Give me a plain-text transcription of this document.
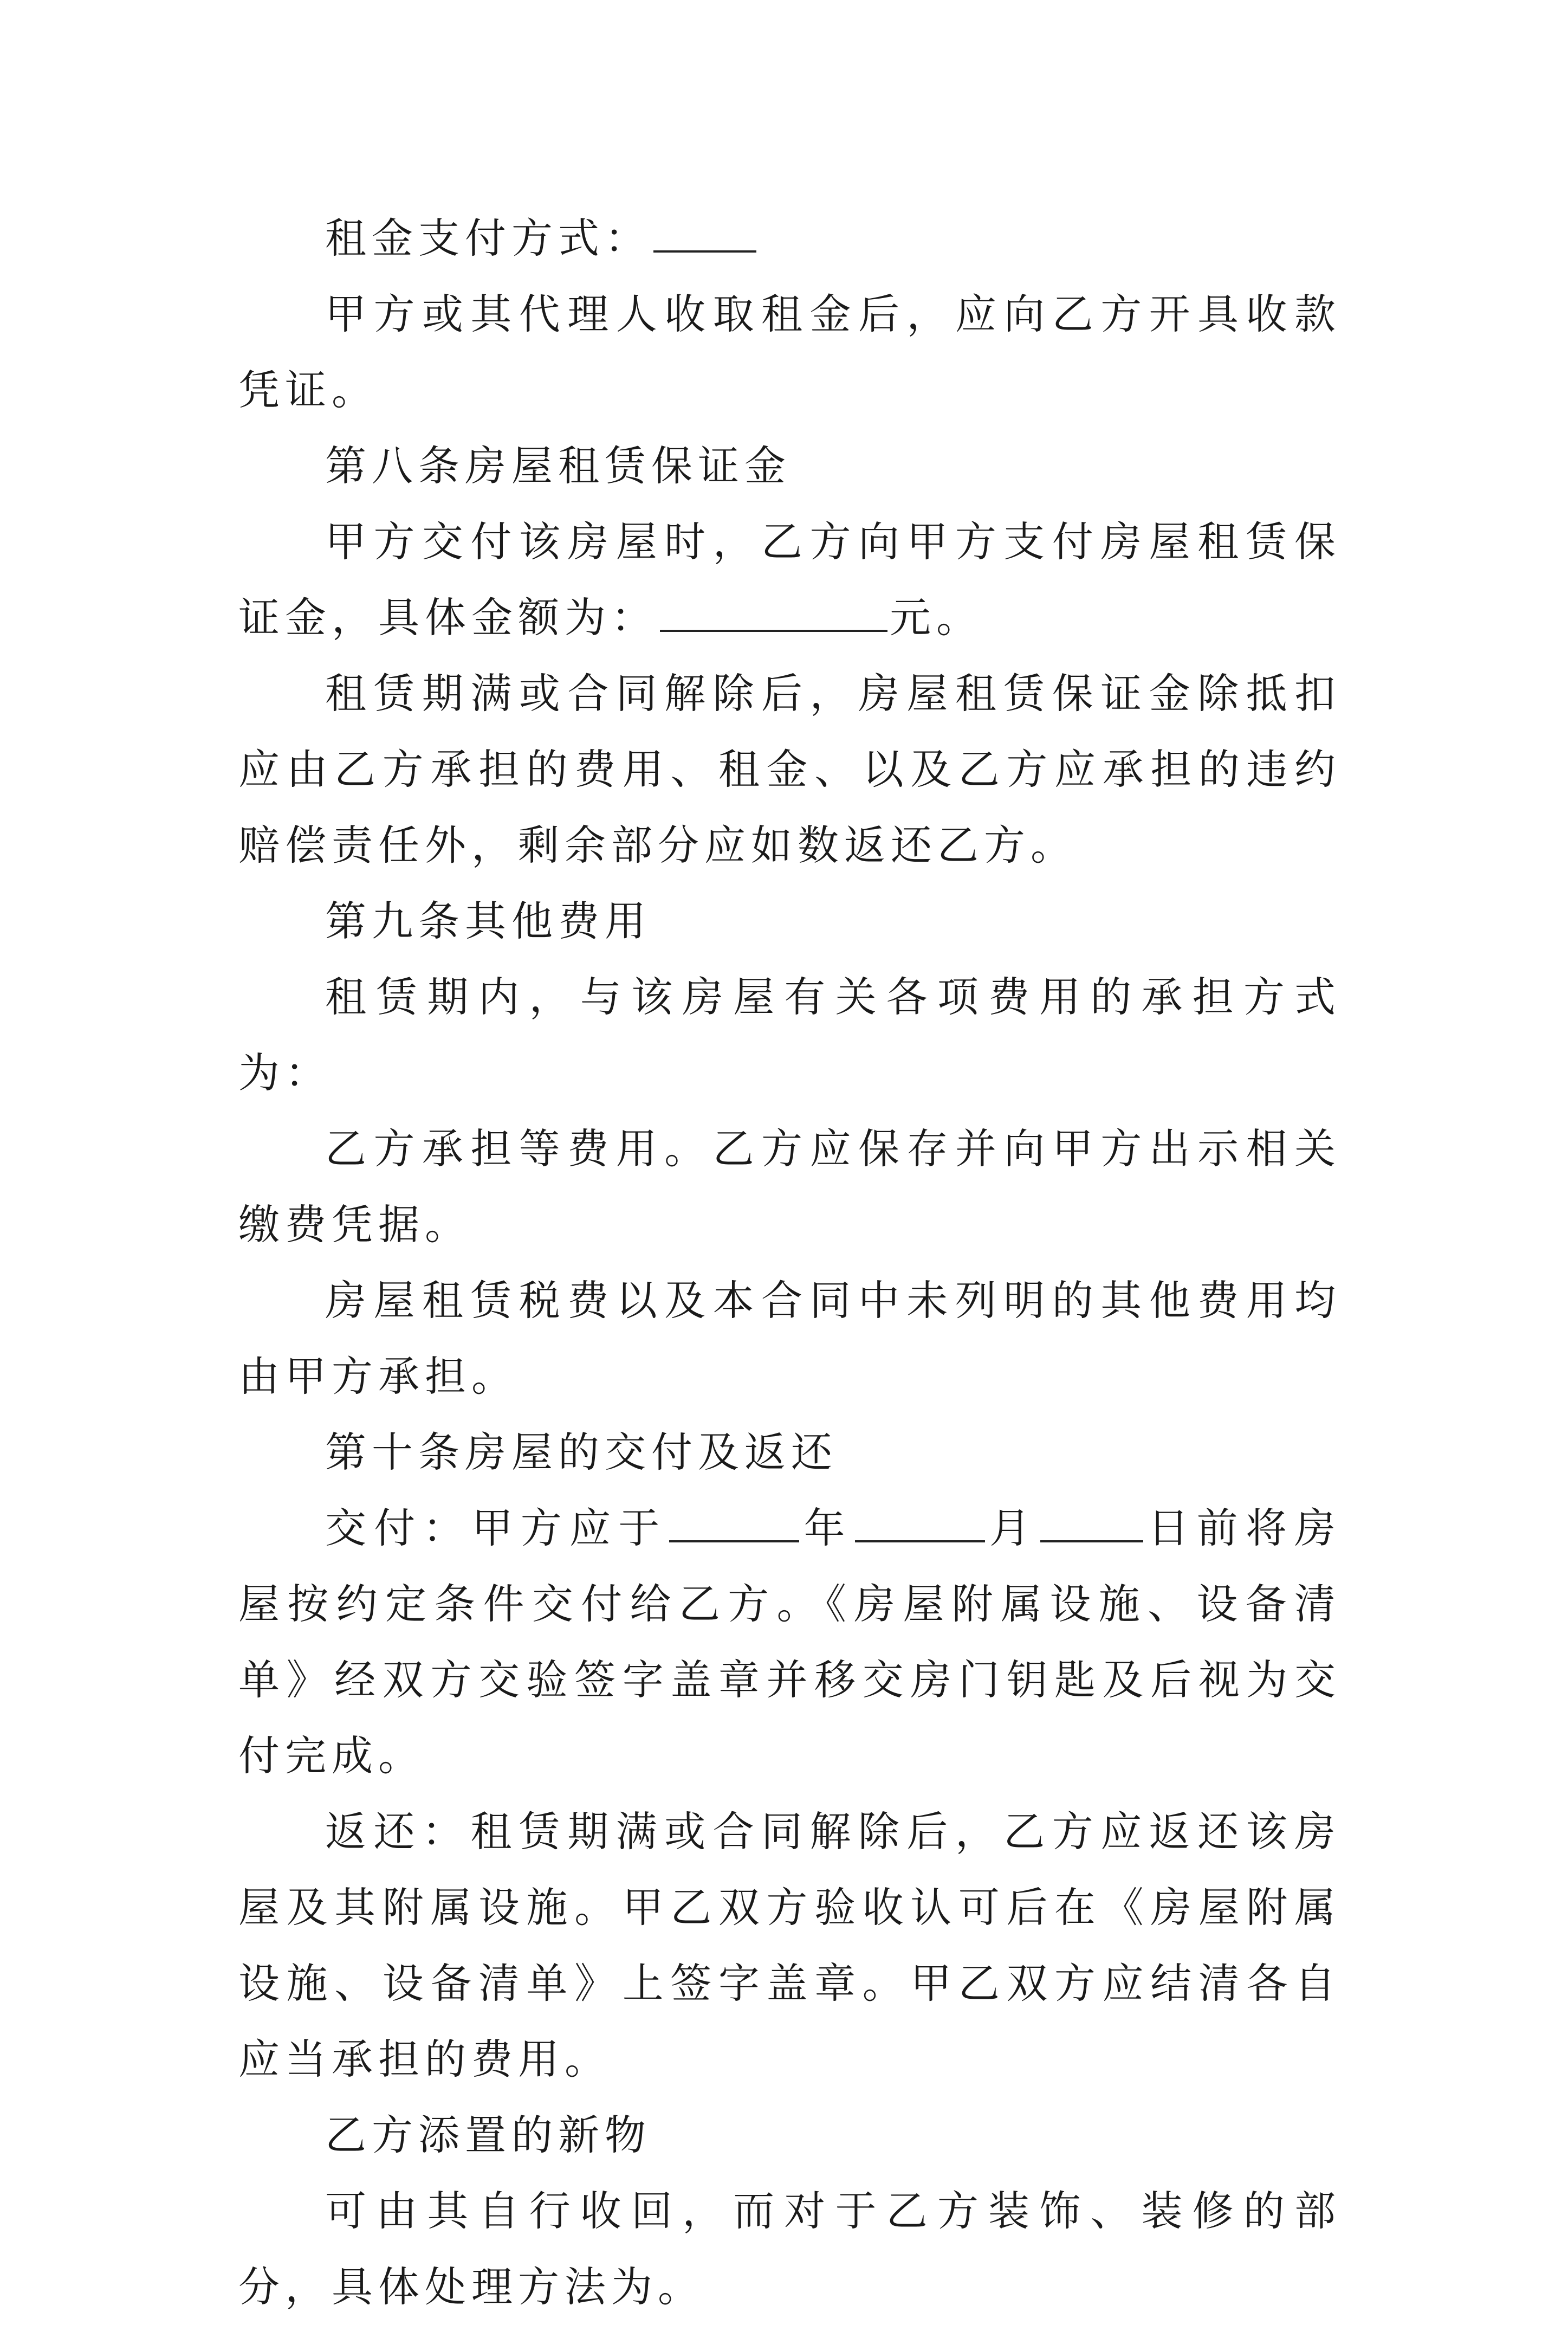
租金支付方式：

甲方或其代理人收取租金后，应向乙方开具收款凭证。

第八条房屋租赁保证金

甲方交付该房屋时，乙方向甲方支付房屋租赁保证金，具体金额为：	元。

租赁期满或合同解除后，房屋租赁保证金除抵扣应由乙方承担的费用、租金、以及乙方应承担的违约赔偿责任外，剩余部分应如数返还乙方。

第九条其他费用

租赁期内，与该房屋有关各项费用的承担方式为：

乙方承担等费用。乙方应保存并向甲方出示相关缴费凭据。

房屋租赁税费以及本合同中未列明的其他费用均由甲方承担。

第十条房屋的交付及返还

交付：甲方应于	年	月	日前将房屋按约定条件交付给乙方。《房屋附属设施、设备清单》经双方交验签字盖章并移交房门钥匙及后视为交付完成。

返还：租赁期满或合同解除后，乙方应返还该房屋及其附属设施。甲乙双方验收认可后在《房屋附属设施、设备清单》上签字盖章。甲乙双方应结清各自应当承担的费用。

乙方添置的新物

可由其自行收回，而对于乙方装饰、装修的部分，具体处理方法为。
